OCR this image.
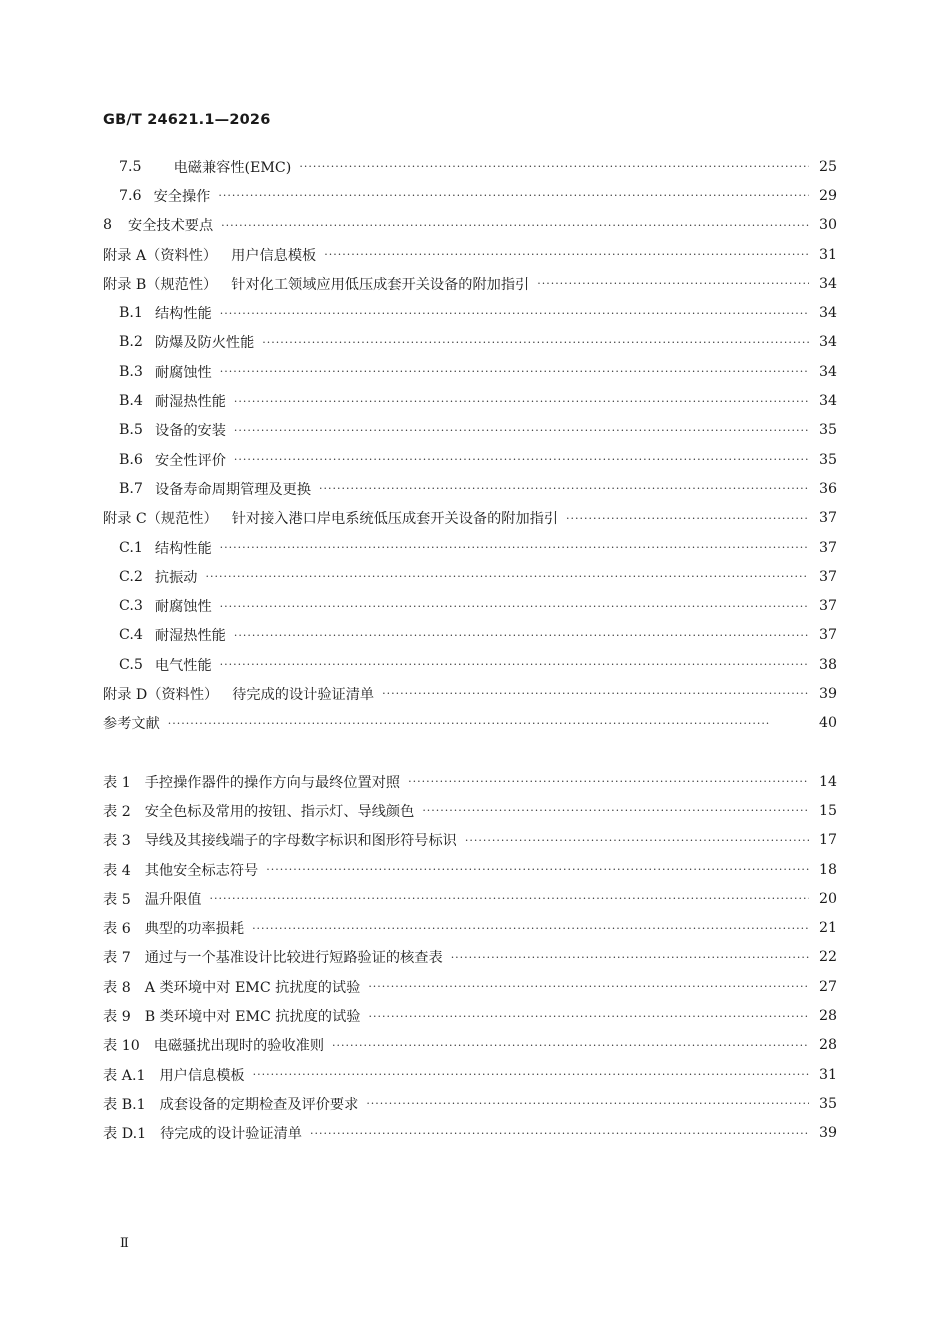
GB/T 24621.1—2026
7.5 电磁兼容性(EMC) ·····	25
7.6 安全操作 ·····	29
8 安全技术要点 ·····	30
附录 A（资料性） 用户信息模板 ·····	31
附录 B（规范性） 针对化工领域应用低压成套开关设备的附加指引 ·····	34
B.1 结构性能 ·····	34
B.2 防爆及防火性能 ·····	34
B.3 耐腐蚀性 ·····	34
B.4 耐湿热性能 ·····	34
B.5 设备的安装 ·····	35
B.6 安全性评价 ·····	35
B.7 设备寿命周期管理及更换 ·····	36
附录 C（规范性） 针对接入港口岸电系统低压成套开关设备的附加指引 ·····	37
C.1 结构性能 ·····	37
C.2 抗振动 ·····	37
C.3 耐腐蚀性 ·····	37
C.4 耐湿热性能 ·····	37
C.5 电气性能 ·····	38
附录 D（资料性） 待完成的设计验证清单 ·····	39
参考文献 ·····	40
表 1 手控操作器件的操作方向与最终位置对照 ·····	14
表 2 安全色标及常用的按钮、指示灯、导线颜色 ·····	15
表 3 导线及其接线端子的字母数字标识和图形符号标识 ·····	17
表 4 其他安全标志符号 ·····	18
表 5 温升限值 ·····	20
表 6 典型的功率损耗 ·····	21
表 7 通过与一个基准设计比较进行短路验证的核查表 ·····	22
表 8 A 类环境中对 EMC 抗扰度的试验 ·····	27
表 9 B 类环境中对 EMC 抗扰度的试验 ·····	28
表 10 电磁骚扰出现时的验收准则 ·····	28
表 A.1 用户信息模板 ·····	31
表 B.1 成套设备的定期检查及评价要求 ·····	35
表 D.1 待完成的设计验证清单 ·····	39
Ⅱ
